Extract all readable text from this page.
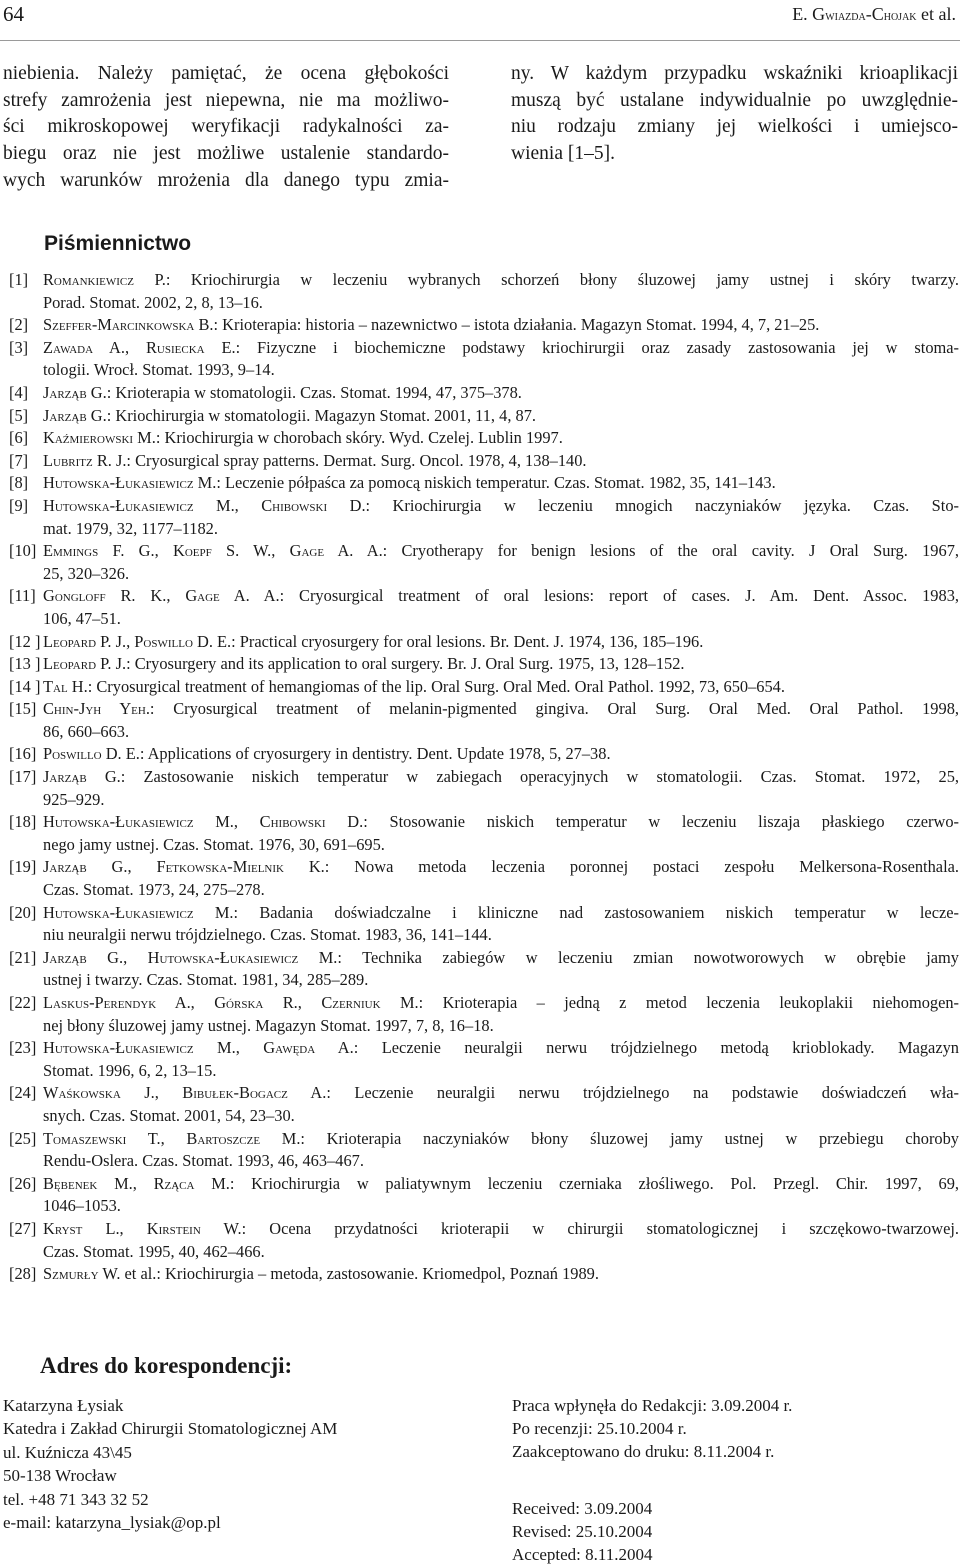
64	E. Gwiazda-Chojak et al.
niebienia. Należy pamiętać, że ocena głębokości
strefy zamrożenia jest niepewna, nie ma możliwo-
ści mikroskopowej weryfikacji radykalności za-
biegu oraz nie jest możliwe ustalenie standardo-
wych warunków mrożenia dla danego typu zmia-
ny. W każdym przypadku wskaźniki krioaplikacji
muszą być ustalane indywidualnie po uwzględnie-
niu rodzaju zmiany jej wielkości i umiejsco-
wienia [1–5].
Piśmiennictwo
[1] Romankiewicz P.: Kriochirurgia w leczeniu wybranych schorzeń błony śluzowej jamy ustnej i skóry twarzy.
Porad. Stomat. 2002, 2, 8, 13–16.
[2] Szeffer-Marcinkowska B.: Krioterapia: historia – nazewnictwo – istota działania. Magazyn Stomat. 1994, 4, 7, 21–25.
[3] Zawada A., Rusiecka E.: Fizyczne i biochemiczne podstawy kriochirurgii oraz zasady zastosowania jej w stoma-
tologii. Wrocł. Stomat. 1993, 9–14.
[4] Jarząb G.: Krioterapia w stomatologii. Czas. Stomat. 1994, 47, 375–378.
[5] Jarząb G.: Kriochirurgia w stomatologii. Magazyn Stomat. 2001, 11, 4, 87.
[6] Kaźmierowski M.: Kriochirurgia w chorobach skóry. Wyd. Czelej. Lublin 1997.
[7] Lubritz R. J.: Cryosurgical spray patterns. Dermat. Surg. Oncol. 1978, 4, 138–140.
[8] Hutowska-Łukasiewicz M.: Leczenie półpaśca za pomocą niskich temperatur. Czas. Stomat. 1982, 35, 141–143.
[9] Hutowska-Łukasiewicz M., Chibowski D.: Kriochirurgia w leczeniu mnogich naczyniaków języka. Czas. Sto-
mat. 1979, 32, 1177–1182.
[10] Emmings F. G., Koepf S. W., Gage A. A.: Cryotherapy for benign lesions of the oral cavity. J Oral Surg. 1967,
25, 320–326.
[11] Gongloff R. K., Gage A. A.: Cryosurgical treatment of oral lesions: report of cases. J. Am. Dent. Assoc. 1983,
106, 47–51.
[12 ] Leopard P. J., Poswillo D. E.: Practical cryosurgery for oral lesions. Br. Dent. J. 1974, 136, 185–196.
[13 ] Leopard P. J.: Cryosurgery and its application to oral surgery. Br. J. Oral Surg. 1975, 13, 128–152.
[14 ] Tal H.: Cryosurgical treatment of hemangiomas of the lip. Oral Surg. Oral Med. Oral Pathol. 1992, 73, 650–654.
[15] Chin-Jyh Yeh.: Cryosurgical treatment of melanin-pigmented gingiva. Oral Surg. Oral Med. Oral Pathol. 1998,
86, 660–663.
[16] Poswillo D. E.: Applications of cryosurgery in dentistry. Dent. Update 1978, 5, 27–38.
[17] Jarząb G.: Zastosowanie niskich temperatur w zabiegach operacyjnych w stomatologii. Czas. Stomat. 1972, 25,
925–929.
[18] Hutowska-Łukasiewicz M., Chibowski D.: Stosowanie niskich temperatur w leczeniu liszaja płaskiego czerwo-
nego jamy ustnej. Czas. Stomat. 1976, 30, 691–695.
[19] Jarząb G., Fetkowska-Mielnik K.: Nowa metoda leczenia poronnej postaci zespołu Melkersona-Rosenthala.
Czas. Stomat. 1973, 24, 275–278.
[20] Hutowska-Łukasiewicz M.: Badania doświadczalne i kliniczne nad zastosowaniem niskich temperatur w lecze-
niu neuralgii nerwu trójdzielnego. Czas. Stomat. 1983, 36, 141–144.
[21] Jarząb G., Hutowska-Łukasiewicz M.: Technika zabiegów w leczeniu zmian nowotworowych w obrębie jamy
ustnej i twarzy. Czas. Stomat. 1981, 34, 285–289.
[22] Laskus-Perendyk A., Górska R., Czerniuk M.: Krioterapia – jedną z metod leczenia leukoplakii niehomogen-
nej błony śluzowej jamy ustnej. Magazyn Stomat. 1997, 7, 8, 16–18.
[23] Hutowska-Łukasiewicz M., Gawęda A.: Leczenie neuralgii nerwu trójdzielnego metodą krioblokady. Magazyn
Stomat. 1996, 6, 2, 13–15.
[24] Waśkowska J., Bibułek-Bogacz A.: Leczenie neuralgii nerwu trójdzielnego na podstawie doświadczeń wła-
snych. Czas. Stomat. 2001, 54, 23–30.
[25] Tomaszewski T., Bartoszcze M.: Krioterapia naczyniaków błony śluzowej jamy ustnej w przebiegu choroby
Rendu-Oslera. Czas. Stomat. 1993, 46, 463–467.
[26] Bębenek M., Rząca M.: Kriochirurgia w paliatywnym leczeniu czerniaka złośliwego. Pol. Przegl. Chir. 1997, 69,
1046–1053.
[27] Kryst L., Kirstein W.: Ocena przydatności krioterapii w chirurgii stomatologicznej i szczękowo-twarzowej.
Czas. Stomat. 1995, 40, 462–466.
[28] Szmurły W. et al.: Kriochirurgia – metoda, zastosowanie. Kriomedpol, Poznań 1989.
Adres do korespondencji:
Katarzyna Łysiak
Katedra i Zakład Chirurgii Stomatologicznej AM
ul. Kuźnicza 43\45
50-138 Wrocław
tel. +48 71 343 32 52
e-mail: katarzyna_lysiak@op.pl
Praca wpłynęła do Redakcji: 3.09.2004 r.
Po recenzji: 25.10.2004 r.
Zaakceptowano do druku: 8.11.2004 r.
Received: 3.09.2004
Revised: 25.10.2004
Accepted: 8.11.2004
